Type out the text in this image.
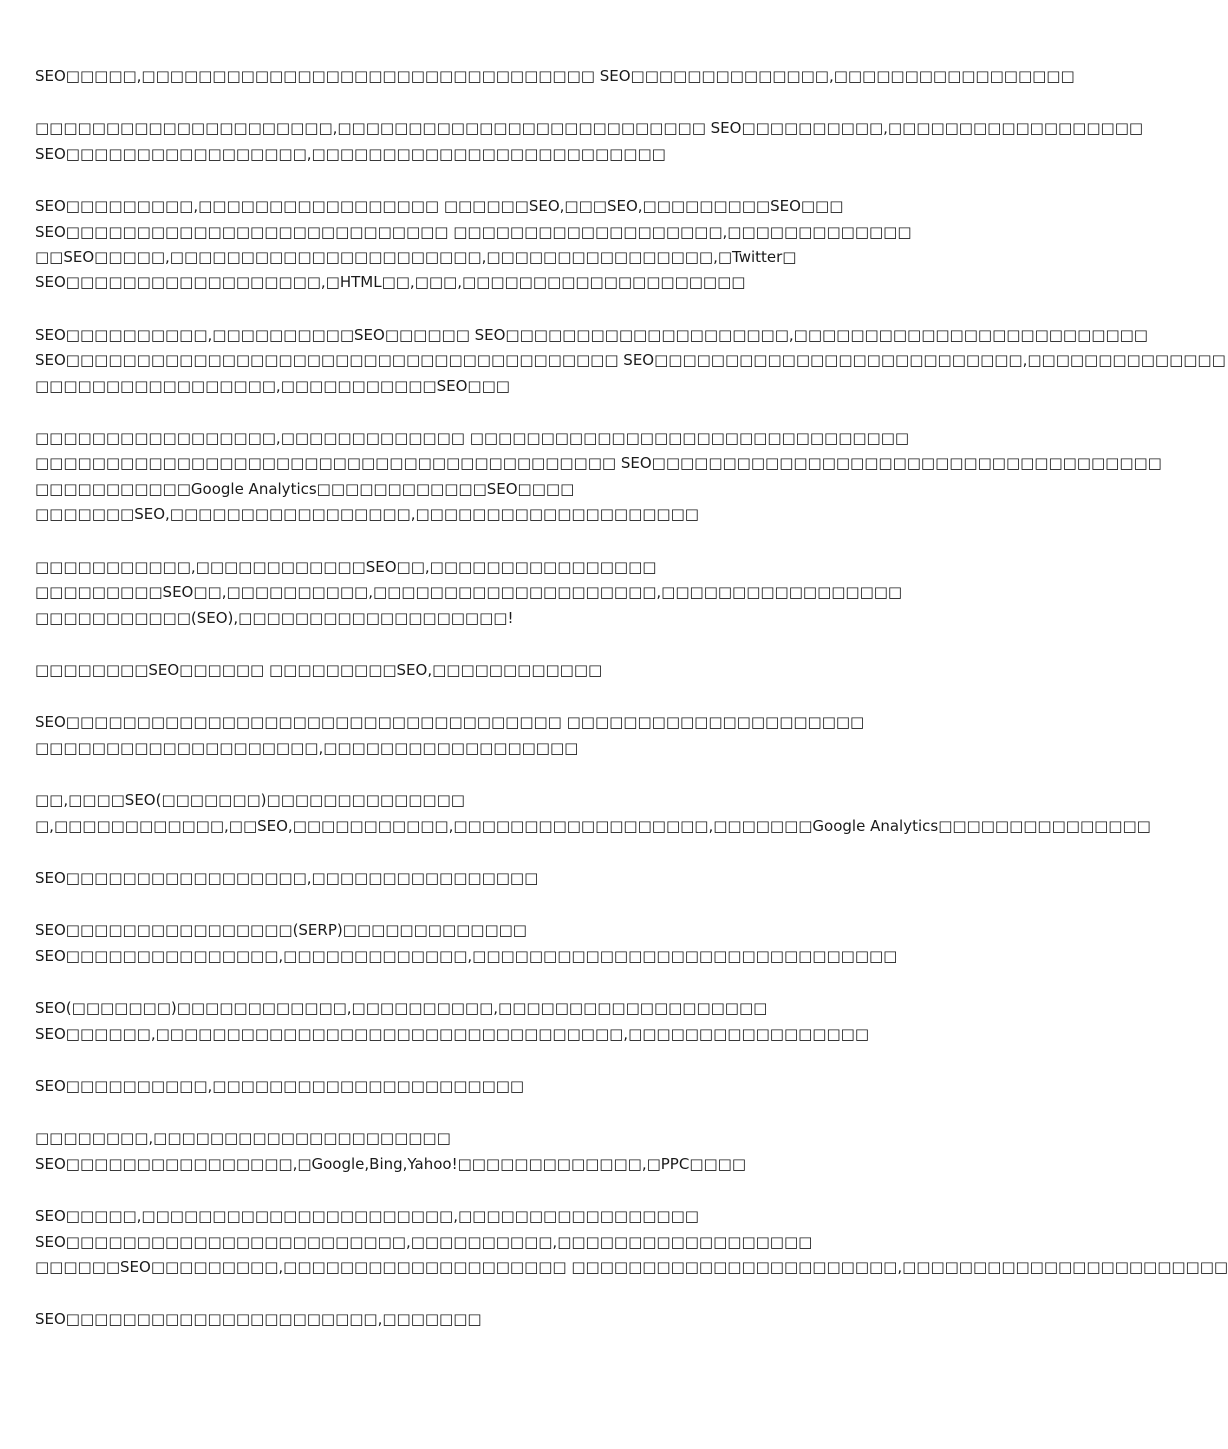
SEO□□□□□,□□□□□□□□□□□□□□□□□□□□□□□□□□□□□□□□ SEO□□□□□□□□□□□□□□,□□□□□□□□□□□□□□□□□
□□□□□□□□□□□□□□□□□□□□□,□□□□□□□□□□□□□□□□□□□□□□□□□□ SEO□□□□□□□□□□,□□□□□□□□□□□□□□□□□□
SEO□□□□□□□□□□□□□□□□□,□□□□□□□□□□□□□□□□□□□□□□□□□
SEO□□□□□□□□□,□□□□□□□□□□□□□□□□□ □□□□□□SEO,□□□SEO,□□□□□□□□□SEO□□□
SEO□□□□□□□□□□□□□□□□□□□□□□□□□□□ □□□□□□□□□□□□□□□□□□□,□□□□□□□□□□□□□
□□SEO□□□□□,□□□□□□□□□□□□□□□□□□□□□□,□□□□□□□□□□□□□□□□,□Twitter□
SEO□□□□□□□□□□□□□□□□□□,□HTML□□,□□□,□□□□□□□□□□□□□□□□□□□□
SEO□□□□□□□□□□,□□□□□□□□□□SEO□□□□□□ SEO□□□□□□□□□□□□□□□□□□□□,□□□□□□□□□□□□□□□□□□□□□□□□□
SEO□□□□□□□□□□□□□□□□□□□□□□□□□□□□□□□□□□□□□□□ SEO□□□□□□□□□□□□□□□□□□□□□□□□□□,□□□□□□□□□□□□□□
□□□□□□□□□□□□□□□□□,□□□□□□□□□□□SEO□□□
□□□□□□□□□□□□□□□□□,□□□□□□□□□□□□□ □□□□□□□□□□□□□□□□□□□□□□□□□□□□□□□
□□□□□□□□□□□□□□□□□□□□□□□□□□□□□□□□□□□□□□□□□ SEO□□□□□□□□□□□□□□□□□□□□□□□□□□□□□□□□□□□□
□□□□□□□□□□□Google Analytics□□□□□□□□□□□□SEO□□□□
□□□□□□□SEO,□□□□□□□□□□□□□□□□□,□□□□□□□□□□□□□□□□□□□□
□□□□□□□□□□□,□□□□□□□□□□□□SEO□□,□□□□□□□□□□□□□□□□
□□□□□□□□□SEO□□,□□□□□□□□□□,□□□□□□□□□□□□□□□□□□□□,□□□□□□□□□□□□□□□□□
□□□□□□□□□□□(SEO),□□□□□□□□□□□□□□□□□□□!
□□□□□□□□SEO□□□□□□ □□□□□□□□□SEO,□□□□□□□□□□□□
SEO□□□□□□□□□□□□□□□□□□□□□□□□□□□□□□□□□□□ □□□□□□□□□□□□□□□□□□□□□
□□□□□□□□□□□□□□□□□□□□,□□□□□□□□□□□□□□□□□□
□□,□□□□SEO(□□□□□□□)□□□□□□□□□□□□□□
□,□□□□□□□□□□□□,□□SEO,□□□□□□□□□□□,□□□□□□□□□□□□□□□□□□,□□□□□□□Google Analytics□□□□□□□□□□□□□□□
SEO□□□□□□□□□□□□□□□□□,□□□□□□□□□□□□□□□□
SEO□□□□□□□□□□□□□□□□(SERP)□□□□□□□□□□□□□
SEO□□□□□□□□□□□□□□□,□□□□□□□□□□□□□,□□□□□□□□□□□□□□□□□□□□□□□□□□□□□□
SEO(□□□□□□□)□□□□□□□□□□□□,□□□□□□□□□□,□□□□□□□□□□□□□□□□□□□
SEO□□□□□□,□□□□□□□□□□□□□□□□□□□□□□□□□□□□□□□□□,□□□□□□□□□□□□□□□□□
SEO□□□□□□□□□□,□□□□□□□□□□□□□□□□□□□□□□
□□□□□□□□,□□□□□□□□□□□□□□□□□□□□□
SEO□□□□□□□□□□□□□□□□,□Google,Bing,Yahoo!□□□□□□□□□□□□□,□PPC□□□□
SEO□□□□□,□□□□□□□□□□□□□□□□□□□□□□,□□□□□□□□□□□□□□□□□
SEO□□□□□□□□□□□□□□□□□□□□□□□□,□□□□□□□□□□,□□□□□□□□□□□□□□□□□□
□□□□□□SEO□□□□□□□□□,□□□□□□□□□□□□□□□□□□□□ □□□□□□□□□□□□□□□□□□□□□□□,□□□□□□□□□□□□□□□□□□□□□□□
SEO□□□□□□□□□□□□□□□□□□□□□□,□□□□□□□
